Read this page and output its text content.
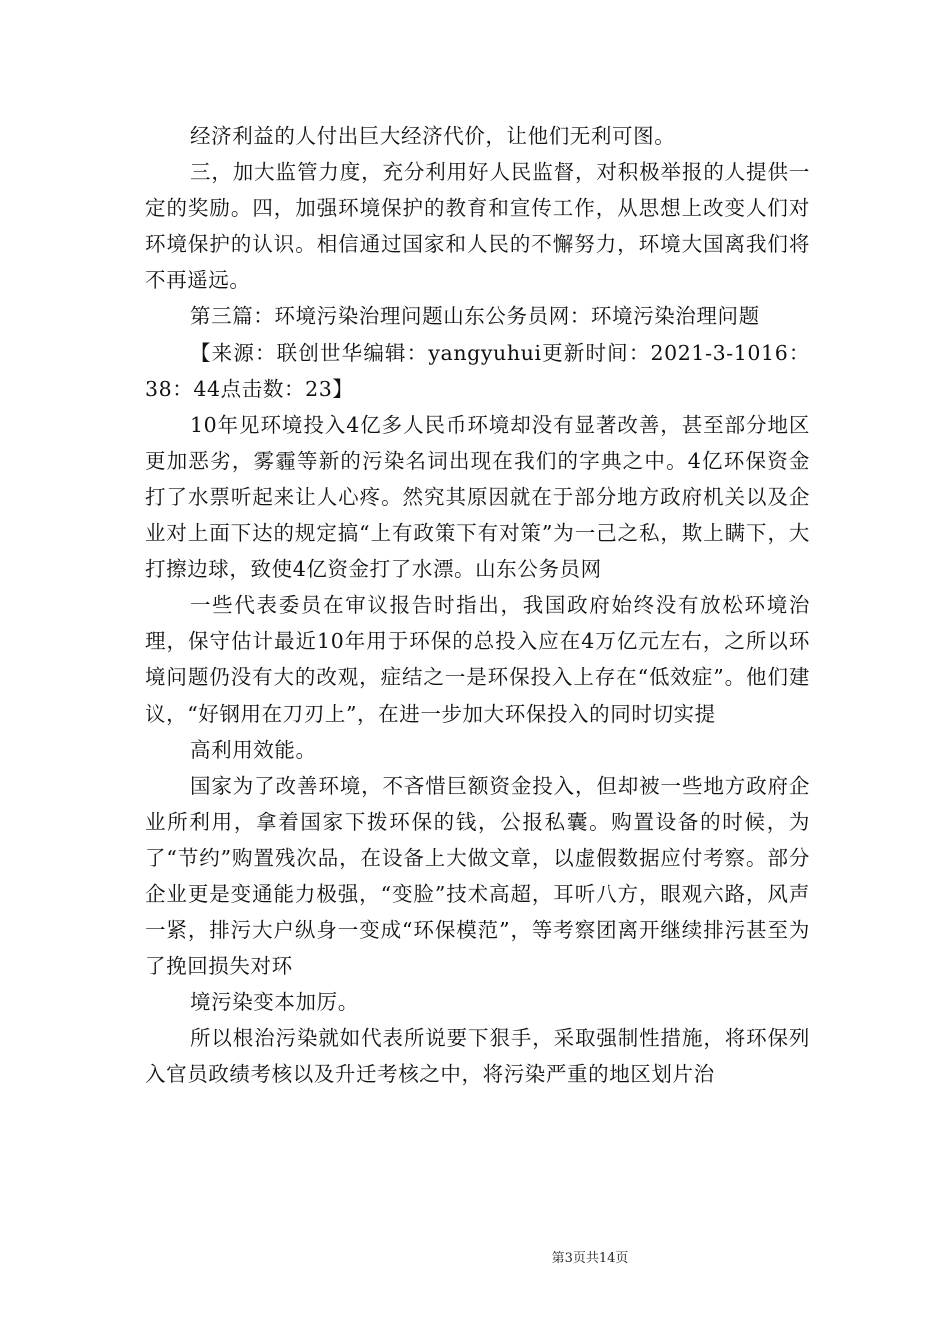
经济利益的人付出巨大经济代价，让他们无利可图。

三，加大监管力度，充分利用好人民监督，对积极举报的人提供一定的奖励。四，加强环境保护的教育和宣传工作，从思想上改变人们对环境保护的认识。相信通过国家和人民的不懈努力，环境大国离我们将不再遥远。

第三篇：环境污染治理问题山东公务员网：环境污染治理问题

【来源：联创世华编辑：yangyuhui更新时间：2021-3-1016：38：44点击数：23】

10年见环境投入4亿多人民币环境却没有显著改善，甚至部分地区更加恶劣，雾霾等新的污染名词出现在我们的字典之中。4亿环保资金打了水票听起来让人心疼。然究其原因就在于部分地方政府机关以及企业对上面下达的规定搞“上有政策下有对策”为一己之私，欺上瞒下，大打擦边球，致使4亿资金打了水漂。山东公务员网

一些代表委员在审议报告时指出，我国政府始终没有放松环境治理，保守估计最近10年用于环保的总投入应在4万亿元左右，之所以环境问题仍没有大的改观，症结之一是环保投入上存在“低效症”。他们建议，“好钢用在刀刃上”，在进一步加大环保投入的同时切实提

高利用效能。

国家为了改善环境，不吝惜巨额资金投入，但却被一些地方政府企业所利用，拿着国家下拨环保的钱，公报私囊。购置设备的时候，为了“节约”购置残次品，在设备上大做文章，以虚假数据应付考察。部分企业更是变通能力极强，“变脸”技术高超，耳听八方，眼观六路，风声一紧，排污大户纵身一变成“环保模范”，等考察团离开继续排污甚至为了挽回损失对环

境污染变本加厉。

所以根治污染就如代表所说要下狠手，采取强制性措施，将环保列入官员政绩考核以及升迁考核之中，将污染严重的地区划片治

第3页共14页
